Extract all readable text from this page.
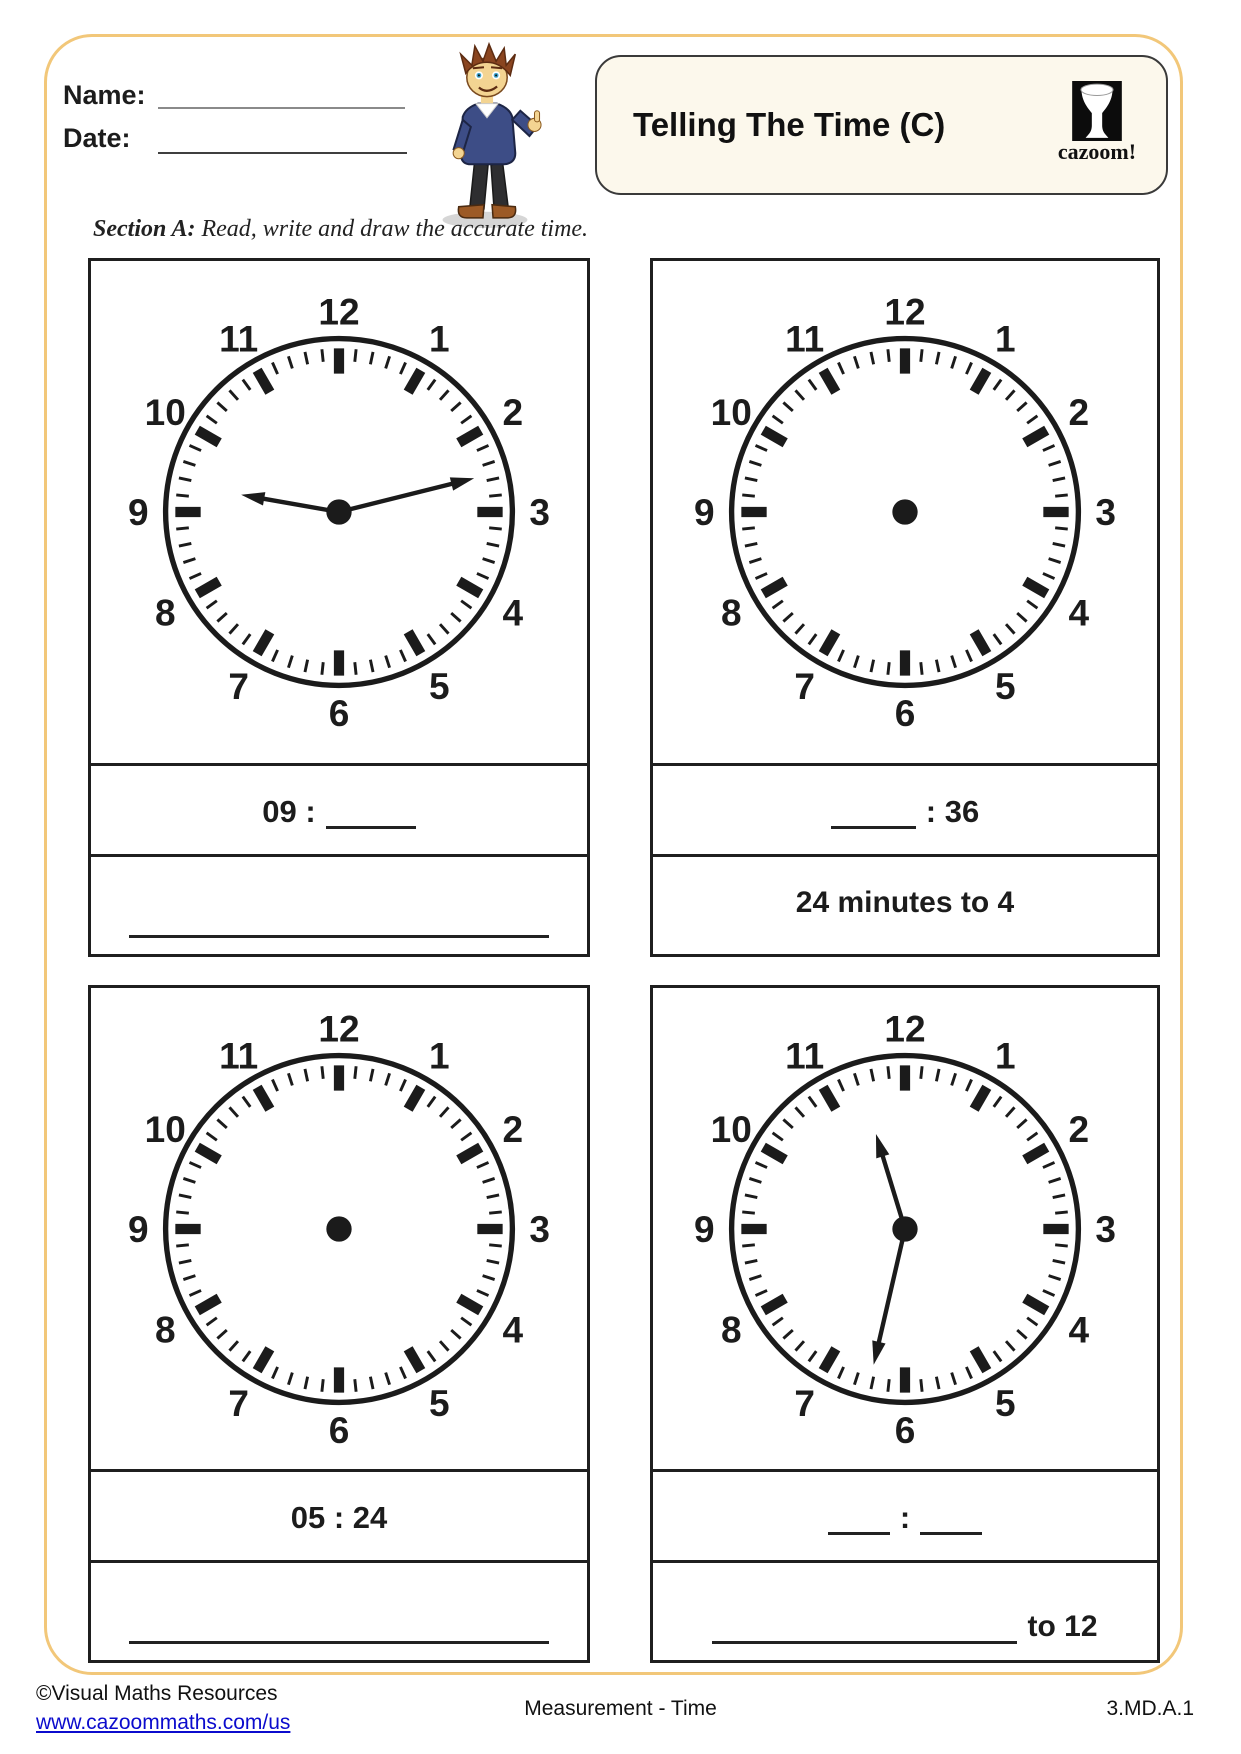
Name:
Date:	Telling The Time (C)
cazoom!
Section A: Read, write and draw the accurate time.
1
2
3
4
5
6
7
8
9
10
11
12
09 :
1
2
3
4
5
6
7
8
9
10
11
12
: 36
24 minutes to 4
1
2
3
4
5
6
7
8
9
10
11
12
05 : 24
1
2
3
4
5
6
7
8
9
10
11
12
:
to 12
©Visual Maths Resources
www.cazoommaths.com/us
Measurement - Time	3.MD.A.1
